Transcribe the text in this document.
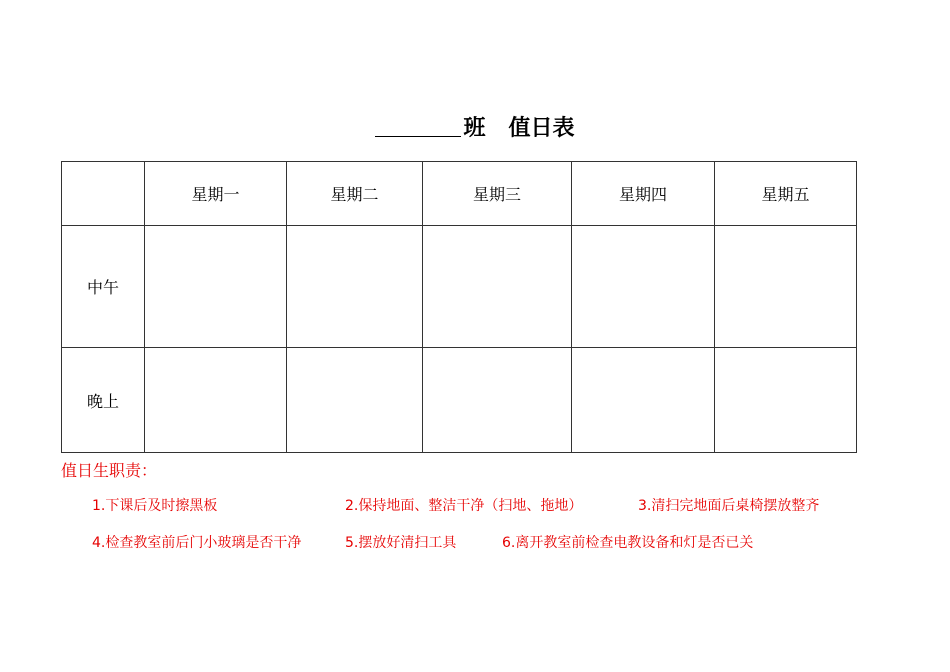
班 值日表
	星期一	星期二	星期三	星期四	星期五
中午					
晚上					
值日生职责：
1.下课后及时擦黑板	2.保持地面、整洁干净（扫地、拖地）	3.清扫完地面后桌椅摆放整齐
4.检查教室前后门小玻璃是否干净	5.摆放好清扫工具	6.离开教室前检查电教设备和灯是否已关
